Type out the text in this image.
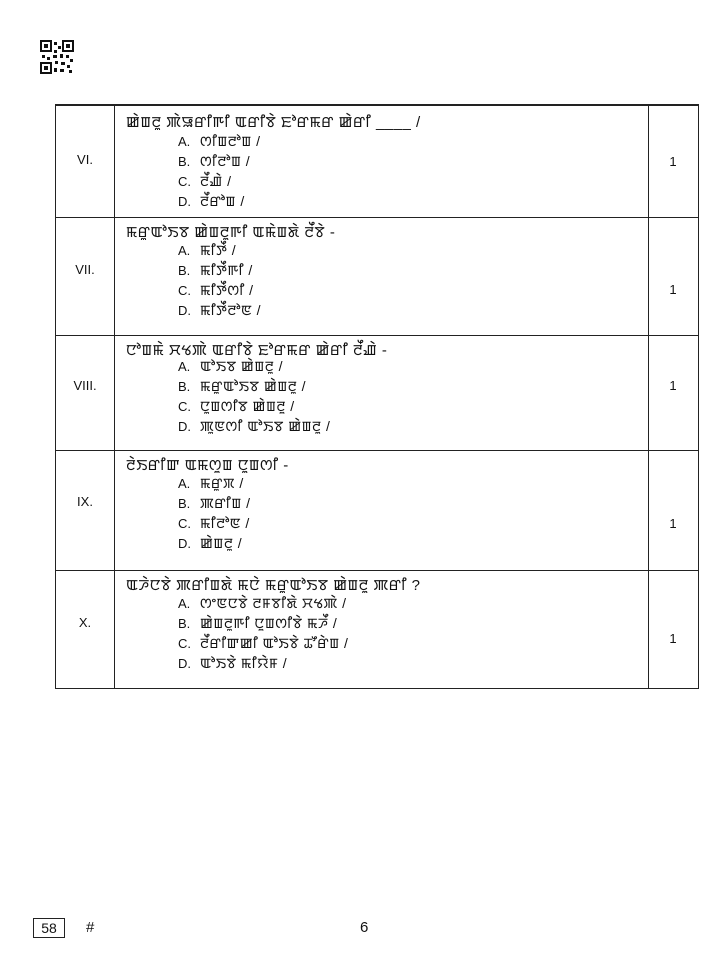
VI.
ꯀꯥꯡꯂꯨ ꯄꯥꯎꯔꯤꯒꯤ ꯑꯔꯤꯕꯥ ꯐꯣꯔꯃꯔ ꯀꯥꯔꯤ ____ /
A. ꯁꯤꯡꯂꯣꯡ /
B. ꯁꯤꯂꯣꯡ /
C. ꯂꯩꯉꯥ /
D. ꯂꯩꯔꯣꯡ /
1
VII.
ꯃꯔꯨꯑꯣꯏꯕ ꯀꯥꯡꯂꯨꯒꯤ ꯑꯃꯥꯡꯗꯥ ꯂꯩꯕꯥ -
A. ꯃꯤꯇꯩ /
B. ꯃꯤꯇꯩꯒꯤ /
C. ꯃꯤꯇꯩꯁꯤ /
D. ꯃꯤꯇꯩꯂꯣꯟ /
1
VIII.
ꯅꯣꯡꯃꯥ ꯆꯠꯄꯥ ꯑꯔꯤꯕꯥ ꯐꯣꯔꯃꯔ ꯀꯥꯔꯤ ꯂꯩꯉꯥ -
A. ꯑꯣꯏꯕ ꯀꯥꯡꯂꯨ /
B. ꯃꯔꯨꯑꯣꯏꯕ ꯀꯥꯡꯂꯨ /
C. ꯅꯨꯡꯁꯤꯕ ꯀꯥꯡꯂꯨ /
D. ꯄꯨꯟꯁꯤ ꯑꯣꯏꯕ ꯀꯥꯡꯂꯨ /
1
IX.
ꯂꯥꯏꯔꯤꯛ ꯑꯃꯁꯨꯡ ꯅꯨꯡꯁꯤ -
A. ꯃꯔꯨꯞ /
B. ꯄꯔꯤꯡ /
C. ꯃꯤꯂꯣꯟ /
D. ꯀꯥꯡꯂꯨ /
1
X.
ꯑꯍꯥꯅꯕꯥ ꯄꯔꯤꯡꯗꯥ ꯃꯅꯥ ꯃꯔꯨꯑꯣꯏꯕ ꯀꯥꯡꯂꯨ ꯄꯔꯤ ?
A. ꯁꯦꯟꯅꯕꯥ ꯂꯝꯕꯤꯗꯥ ꯆꯠꯄꯥ /
B. ꯀꯥꯡꯂꯨꯒꯤ ꯅꯨꯡꯁꯤꯕꯥ ꯃꯍꯩ /
C. ꯂꯩꯔꯤꯛꯀꯤ ꯑꯣꯏꯕꯥ ꯊꯧꯔꯥꯡ /
D. ꯑꯣꯏꯕꯥ ꯃꯤꯌꯥꯝ /
1
58	#	6
